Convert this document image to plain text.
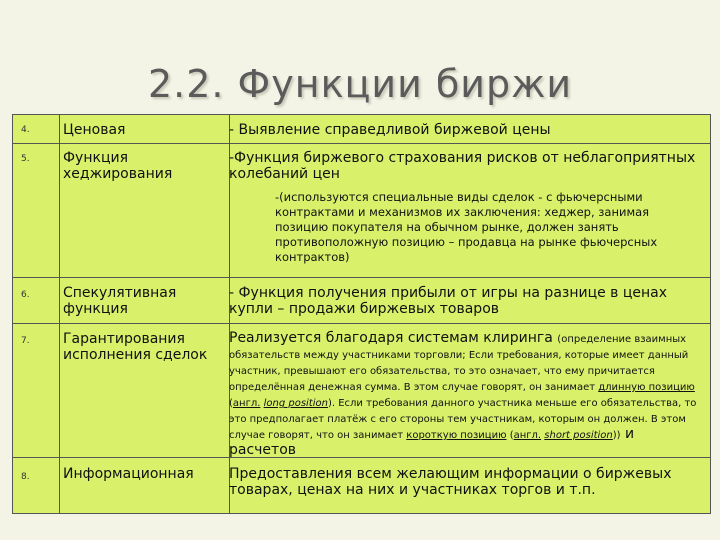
2.2. Функции биржи
4. Ценовая	- Выявление справедливой биржевой цены
5. Функция хеджирования
-Функция биржевого страхования рисков от неблагоприятных колебаний цен
-(используются специальные виды сделок - с фьючерсными контрактами и механизмов их заключения: хеджер, занимая позицию покупателя на обычном рынке, должен занять противоположную позицию – продавца на рынке фьючерсных контрактов)
6. Спекулятивная функция
- Функция получения прибыли от игры на разнице в ценах купли – продажи биржевых товаров
7. Гарантирования исполнения сделок
Реализуется благодаря системам клиринга (определение взаимных обязательств между участниками торговли; Если требования, которые имеет данный участник, превышают его обязательства, то это означает, что ему причитается определённая денежная сумма. В этом случае говорят, он занимает длинную позицию (англ. long position). Если требования данного участника меньше его обязательства, то это предполагает платёж с его стороны тем участникам, которым он должен. В этом случае говорят, что он занимает короткую позицию (англ. short position)) и расчетов
8. Информационная	Предоставления всем желающим информации о биржевых товарах, ценах на них и участниках торгов и т.п.
